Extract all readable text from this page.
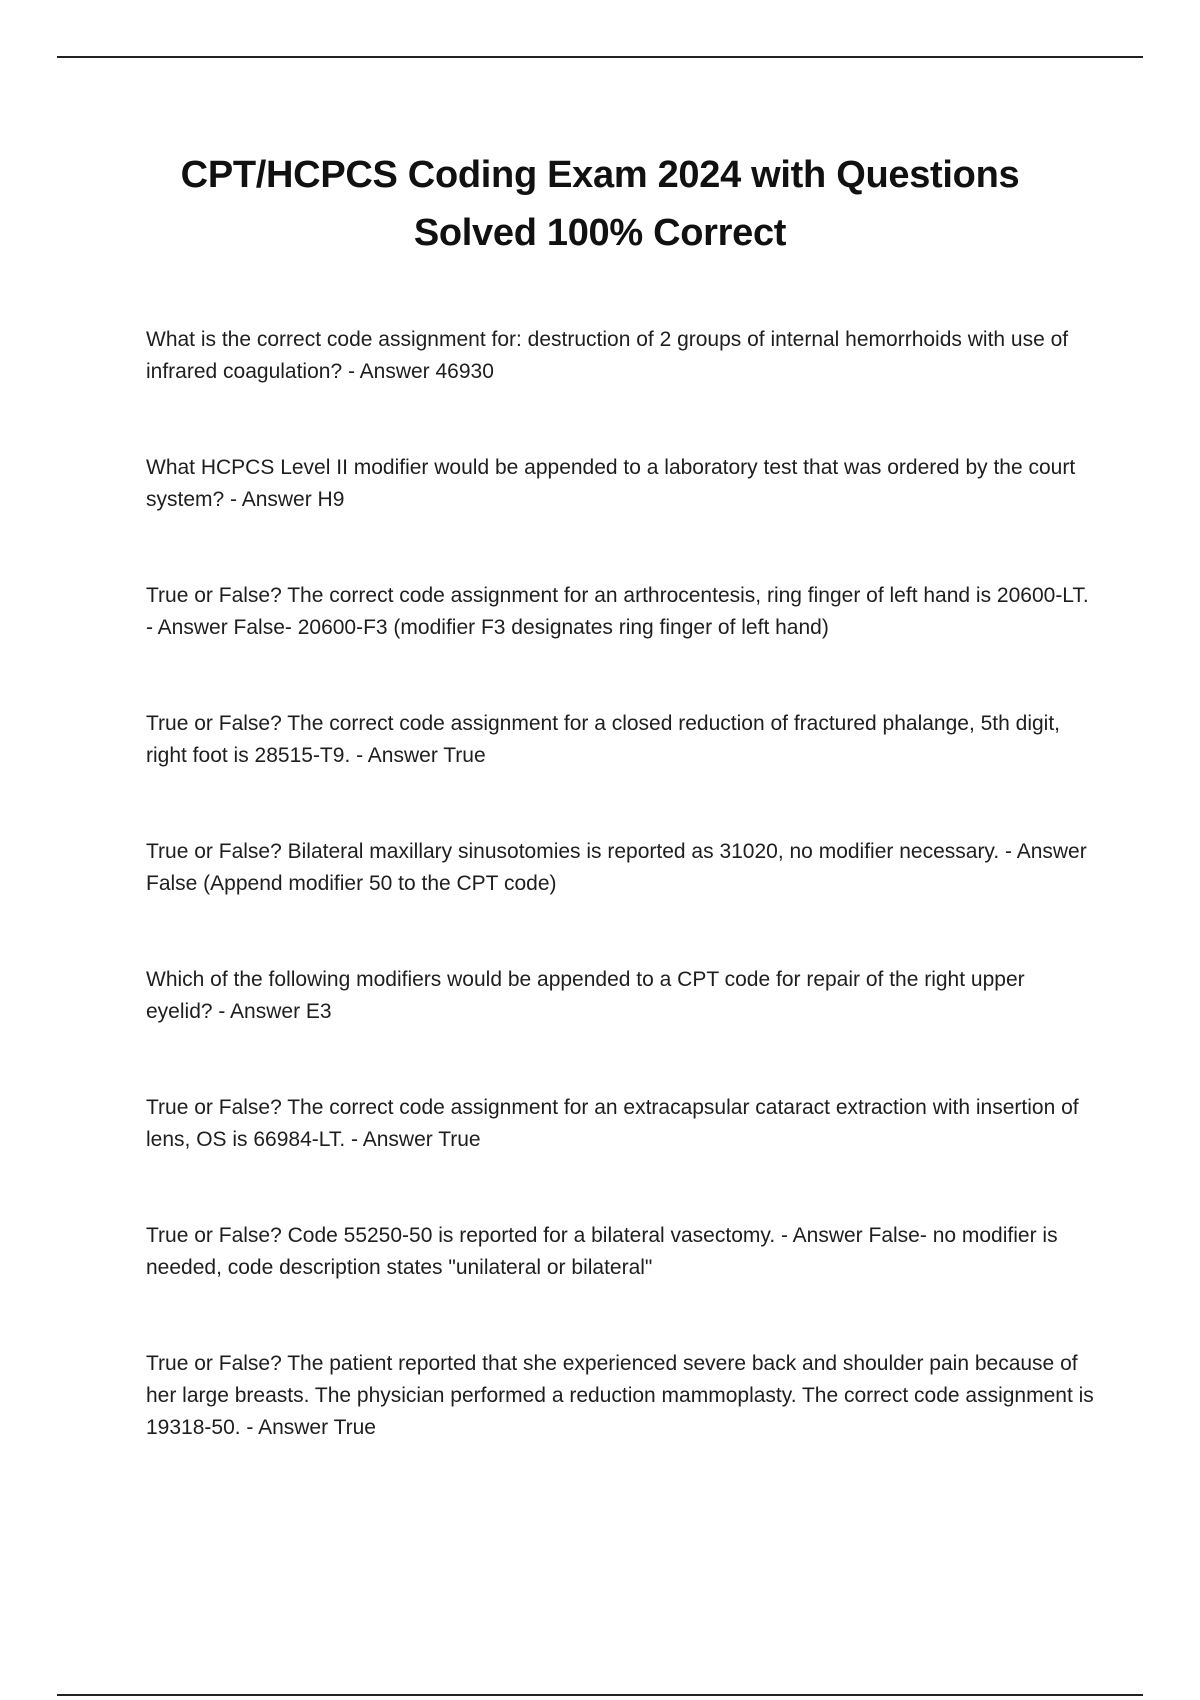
CPT/HCPCS Coding Exam 2024 with Questions
Solved 100% Correct
What is the correct code assignment for: destruction of 2 groups of internal hemorrhoids with use of infrared coagulation? - Answer 46930
What HCPCS Level II modifier would be appended to a laboratory test that was ordered by the court system? - Answer H9
True or False? The correct code assignment for an arthrocentesis, ring finger of left hand is 20600-LT. - Answer False- 20600-F3 (modifier F3 designates ring finger of left hand)
True or False? The correct code assignment for a closed reduction of fractured phalange, 5th digit, right foot is 28515-T9. - Answer True
True or False? Bilateral maxillary sinusotomies is reported as 31020, no modifier necessary. - Answer False (Append modifier 50 to the CPT code)
Which of the following modifiers would be appended to a CPT code for repair of the right upper eyelid? - Answer E3
True or False? The correct code assignment for an extracapsular cataract extraction with insertion of lens, OS is 66984-LT. - Answer True
True or False? Code 55250-50 is reported for a bilateral vasectomy. - Answer False- no modifier is needed, code description states "unilateral or bilateral"
True or False? The patient reported that she experienced severe back and shoulder pain because of her large breasts. The physician performed a reduction mammoplasty. The correct code assignment is 19318-50. - Answer True
